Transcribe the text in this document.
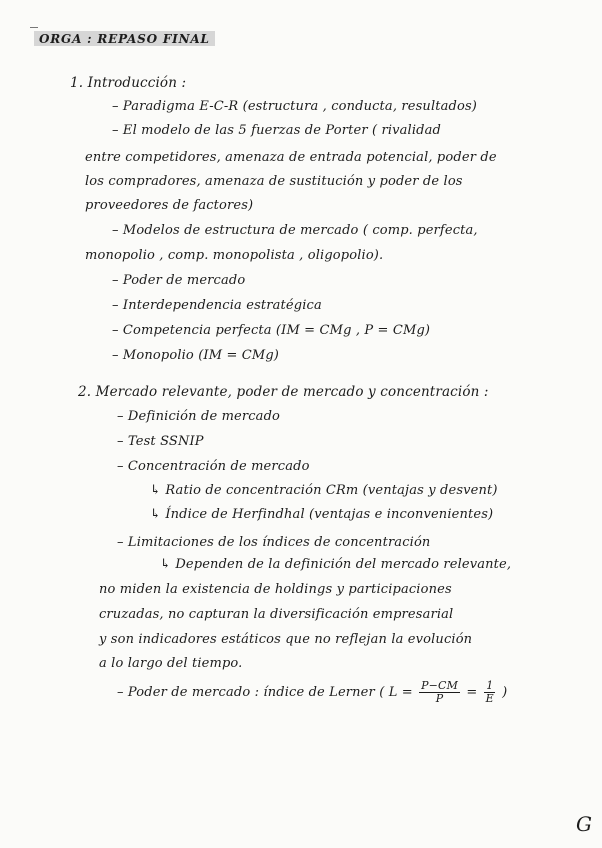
ORGA : REPASO FINAL
1. Introducción :
– Paradigma E-C-R (estructura , conducta, resultados)
– El modelo de las 5 fuerzas de Porter ( rivalidad
entre competidores, amenaza de entrada potencial, poder de
los compradores, amenaza de sustitución y poder de los
proveedores de factores)
– Modelos de estructura de mercado ( comp. perfecta,
monopolio , comp. monopolista , oligopolio).
– Poder de mercado
– Interdependencia estratégica
– Competencia perfecta (IM = CMg , P = CMg)
– Monopolio (IM = CMg)
2. Mercado relevante, poder de mercado y concentración :
– Definición de mercado
– Test SSNIP
– Concentración de mercado
↳ Ratio de concentración CRm (ventajas y desvent)
↳ Índice de Herfindhal (ventajas e inconvenientes)
– Limitaciones de los índices de concentración
↳ Dependen de la definición del mercado relevante,
no miden la existencia de holdings y participaciones
cruzadas, no capturan la diversificación empresarial
y son indicadores estáticos que no reflejan la evolución
a lo largo del tiempo.
– Poder de mercado : índice de Lerner ( $L = \frac{P-CM}{P} = \frac{1}{E}$ )
G
